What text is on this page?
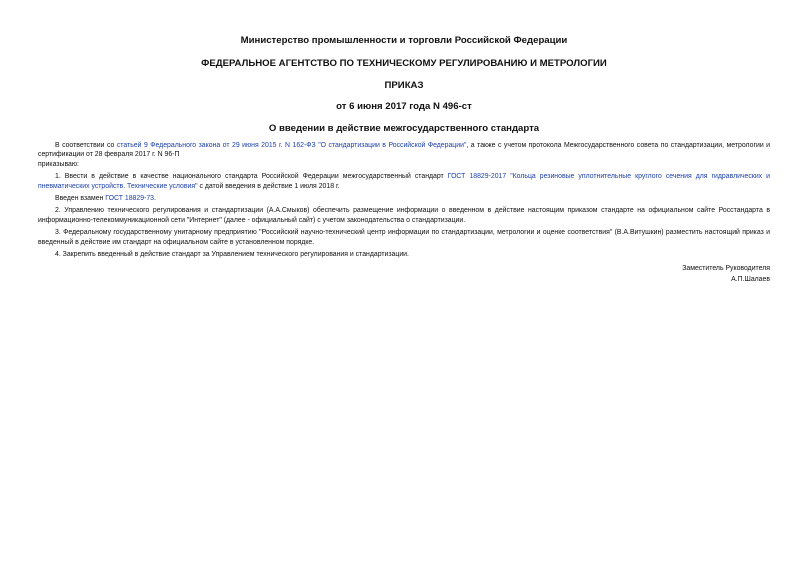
Министерство промышленности и торговли Российской Федерации
ФЕДЕРАЛЬНОЕ АГЕНТСТВО ПО ТЕХНИЧЕСКОМУ РЕГУЛИРОВАНИЮ И МЕТРОЛОГИИ
ПРИКАЗ
от 6 июня 2017 года N 496-ст
О введении в действие межгосударственного стандарта

В соответствии со статьей 9 Федерального закона от 29 июня 2015 г. N 162-ФЗ "О стандартизации в Российской Федерации", а также с учетом протокола Межгосударственного совета по стандартизации, метрологии и сертификации от 28 февраля 2017 г. N 96-П

приказываю:

1. Ввести в действие в качестве национального стандарта Российской Федерации межгосударственный стандарт ГОСТ 18829-2017 "Кольца резиновые уплотнительные круглого сечения для гидравлических и пневматических устройств. Технические условия" с датой введения в действие 1 июля 2018 г.

Введен взамен ГОСТ 18829-73.

2. Управлению технического регулирования и стандартизации (А.А.Смыков) обеспечить размещение информации о введенном в действие настоящим приказом стандарте на официальном сайте Росстандарта в информационно-телекоммуникационной сети "Интернет" (далее - официальный сайт) с учетом законодательства о стандартизации.

3. Федеральному государственному унитарному предприятию "Российский научно-технический центр информации по стандартизации, метрологии и оценке соответствия" (В.А.Витушкин) разместить настоящий приказ и введенный в действие им стандарт на официальном сайте в установленном порядке.

4. Закрепить введенный в действие стандарт за Управлением технического регулирования и стандартизации.

Заместитель Руководителя
А.П.Шалаев
